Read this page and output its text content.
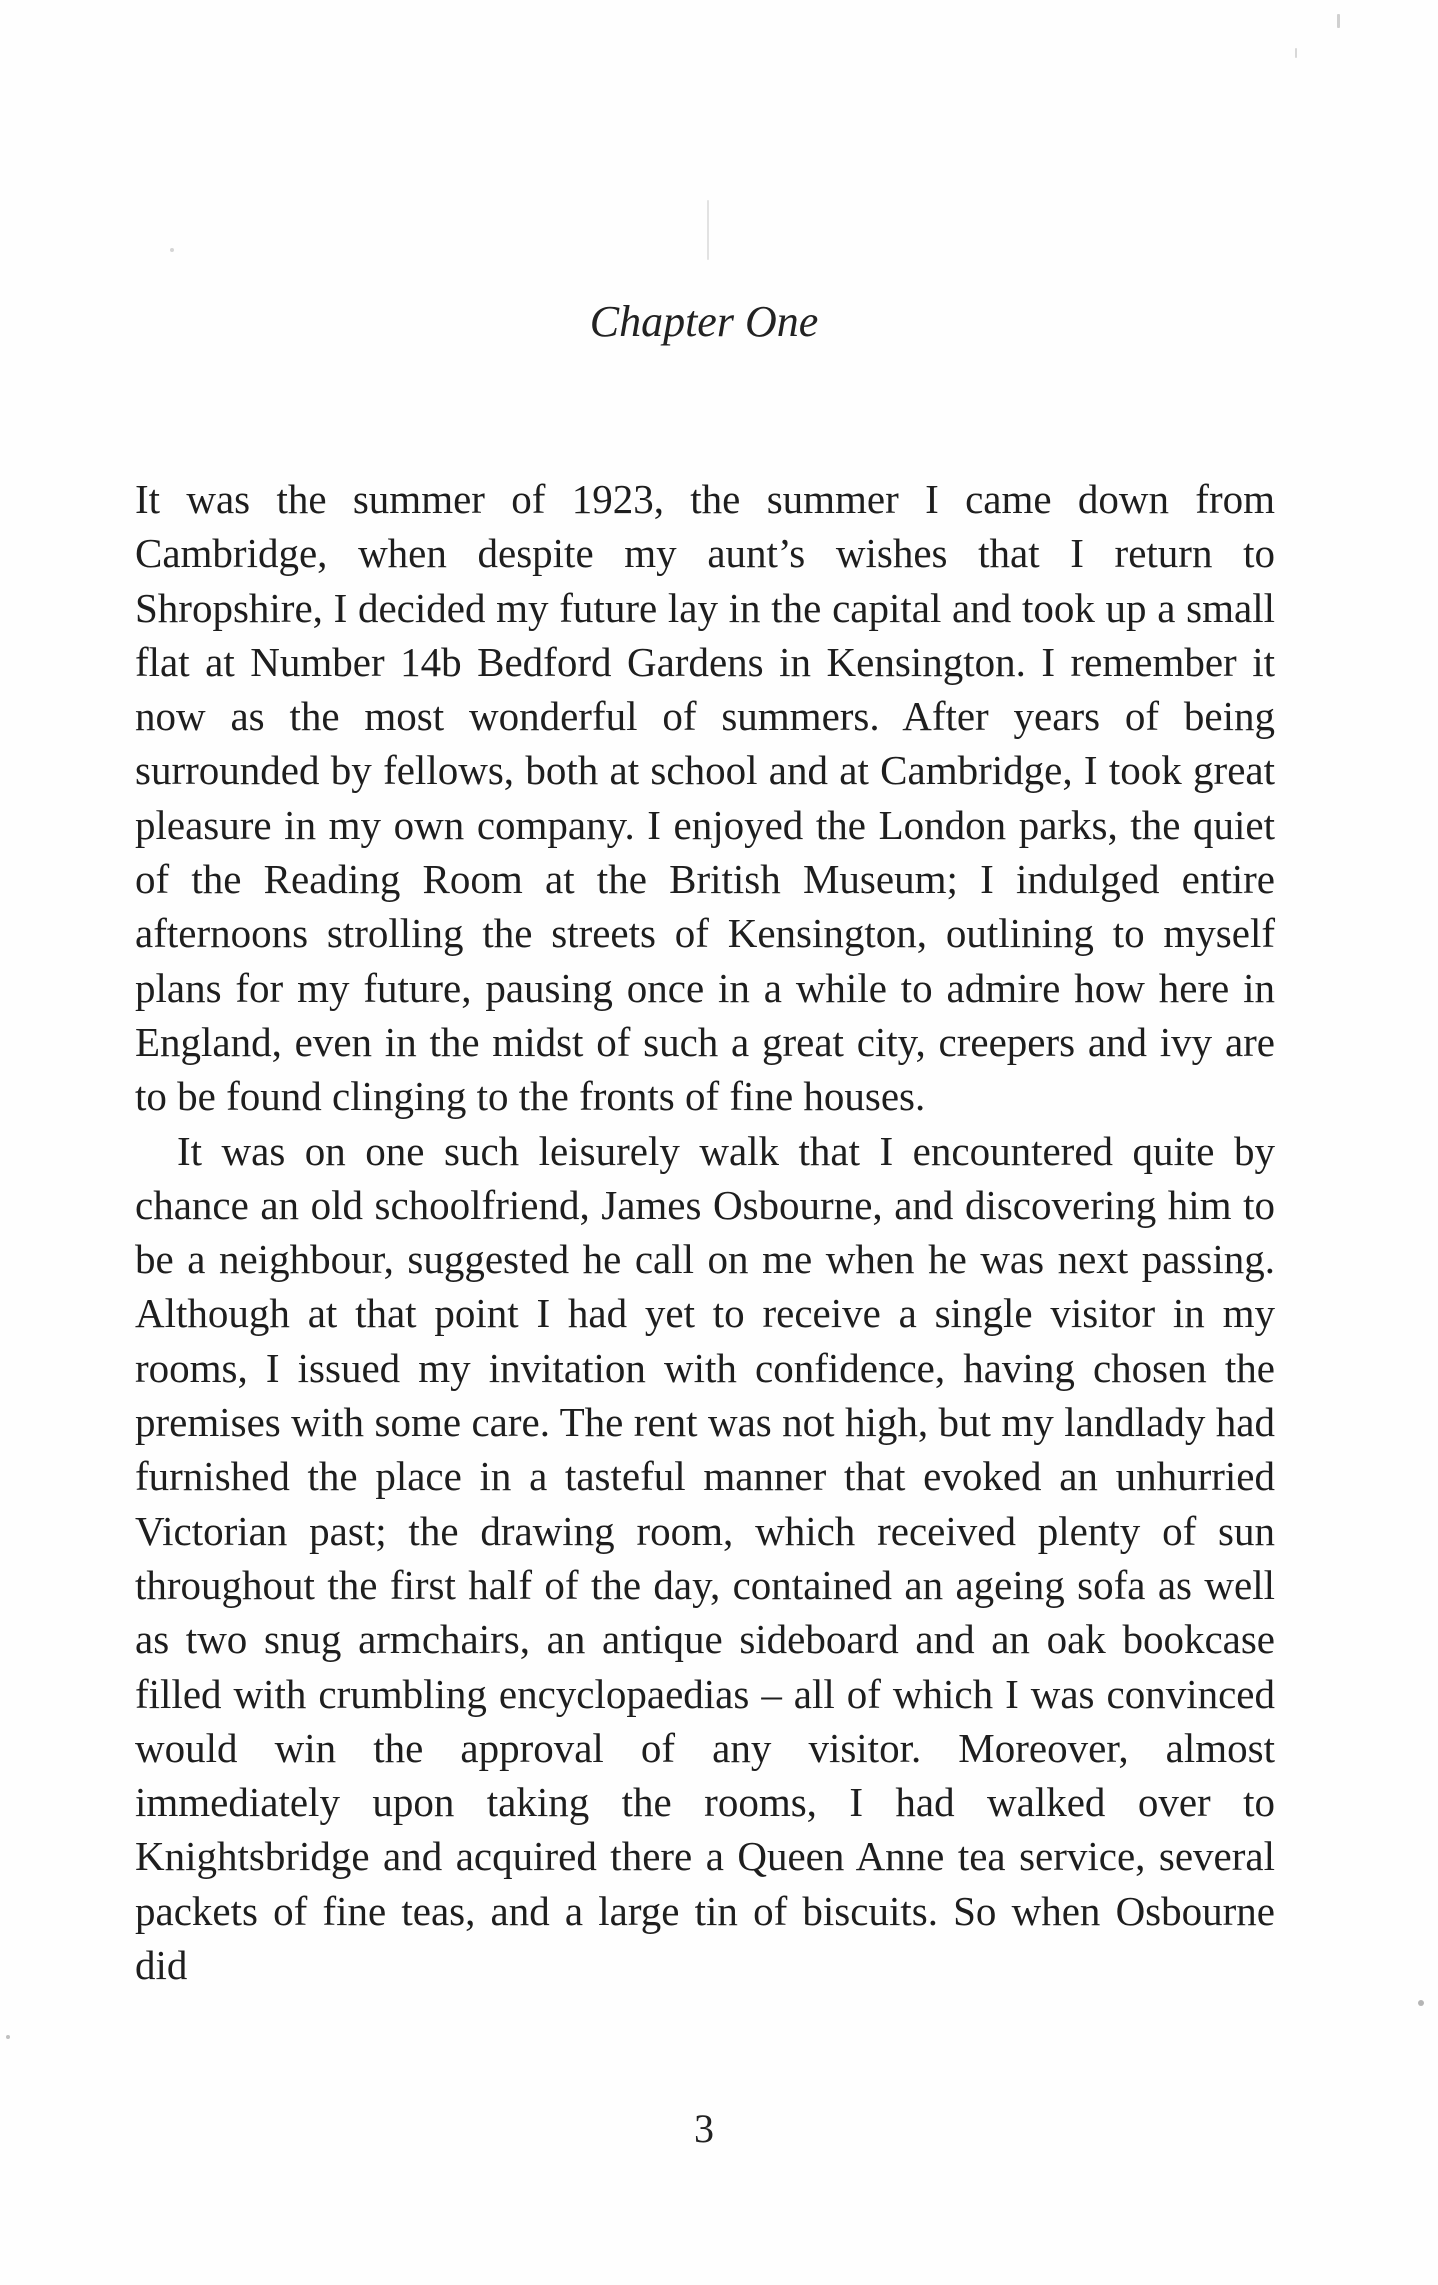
Chapter One

It was the summer of 1923, the summer I came down from Cambridge, when despite my aunt’s wishes that I return to Shropshire, I decided my future lay in the capital and took up a small flat at Number 14b Bedford Gardens in Kensington. I remember it now as the most wonderful of summers. After years of being surrounded by fellows, both at school and at Cambridge, I took great pleasure in my own company. I enjoyed the London parks, the quiet of the Reading Room at the British Museum; I indulged entire afternoons strolling the streets of Kensington, outlining to myself plans for my future, pausing once in a while to admire how here in England, even in the midst of such a great city, creepers and ivy are to be found clinging to the fronts of fine houses.

It was on one such leisurely walk that I encountered quite by chance an old schoolfriend, James Osbourne, and discovering him to be a neighbour, suggested he call on me when he was next passing. Although at that point I had yet to receive a single visitor in my rooms, I issued my invitation with confidence, having chosen the premises with some care. The rent was not high, but my landlady had furnished the place in a tasteful manner that evoked an unhurried Victorian past; the drawing room, which received plenty of sun throughout the first half of the day, contained an ageing sofa as well as two snug armchairs, an antique sideboard and an oak bookcase filled with crumbling encyclopaedias – all of which I was convinced would win the approval of any visitor. Moreover, almost immediately upon taking the rooms, I had walked over to Knightsbridge and acquired there a Queen Anne tea service, several packets of fine teas, and a large tin of biscuits. So when Osbourne did

3
